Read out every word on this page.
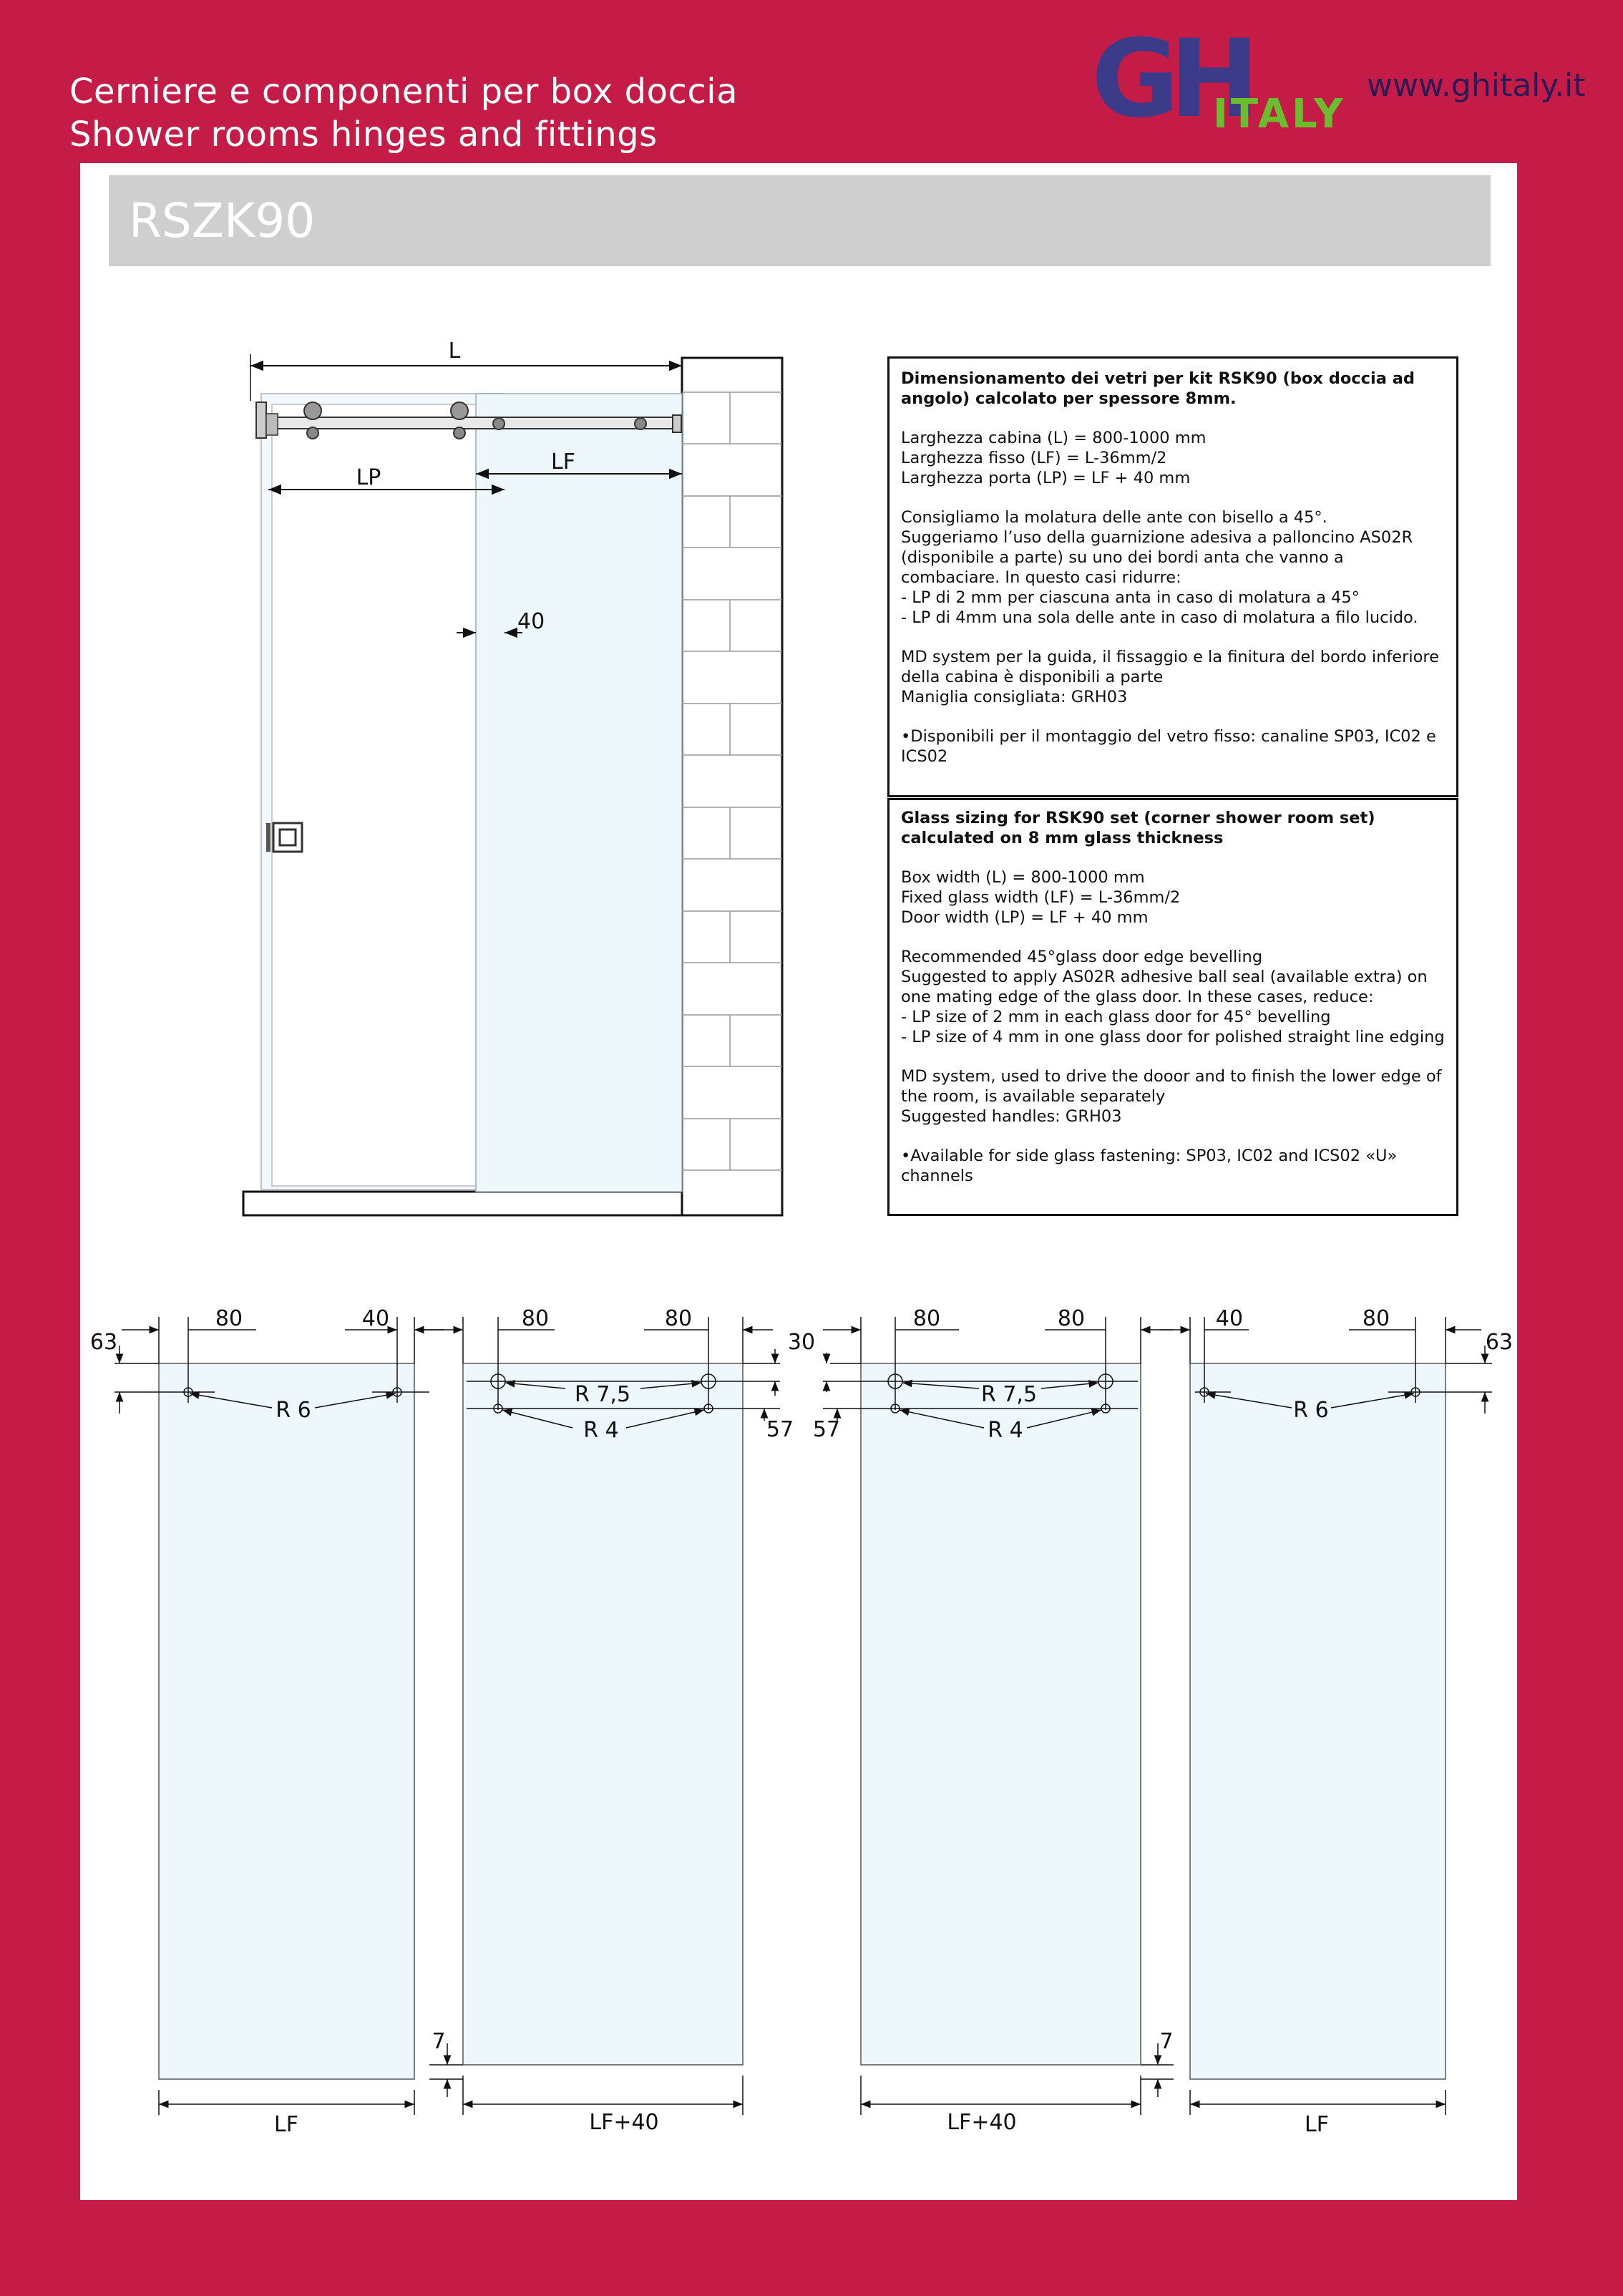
Cerniere e componenti per box doccia
Shower rooms hinges and fittings	GH
ITALY
www.ghitaly.it
RSZK90

Dimensionamento dei vetri per kit RSK90 (box doccia ad angolo) calcolato per spessore 8mm.

Larghezza cabina (L) = 800-1000 mm
Larghezza fisso (LF) = L-36mm/2
Larghezza porta (LP) = LF + 40 mm

Consigliamo la molatura delle ante con bisello a 45°.
Suggeriamo l’uso della guarnizione adesiva a palloncino AS02R (disponibile a parte) su uno dei bordi anta che vanno a combaciare. In questo casi ridurre:
- LP di 2 mm per ciascuna anta in caso di molatura a 45°
- LP di 4mm una sola delle ante in caso di molatura a filo lucido.

MD system per la guida, il fissaggio e la finitura del bordo inferiore della cabina è disponibili a parte
Maniglia consigliata: GRH03

•Disponibili per il montaggio del vetro fisso: canaline SP03, IC02 e ICS02

Glass sizing for RSK90 set (corner shower room set) calculated on 8 mm glass thickness

Box width (L) = 800-1000 mm
Fixed glass width (LF) = L-36mm/2
Door width (LP) = LF + 40 mm

Recommended 45°glass door edge bevelling
Suggested to apply AS02R adhesive ball seal (available extra) on one mating edge of the glass door. In these cases, reduce:
- LP size of 2 mm in each glass door for 45° bevelling
- LP size of 4 mm in one glass door for polished straight line edging

MD system, used to drive the dooor and to finish the lower edge of the room, is available separately
Suggested handles: GRH03

•Available for side glass fastening: SP03, IC02 and ICS02 «U» channels

L
LF
LP
40
80	40
63
R 6
LF
80	80
30
57
R 7,5
R 4
7
LF+40
80	80
57
R 7,5
R 4
7
LF+40
40	80
63
R 6
LF
